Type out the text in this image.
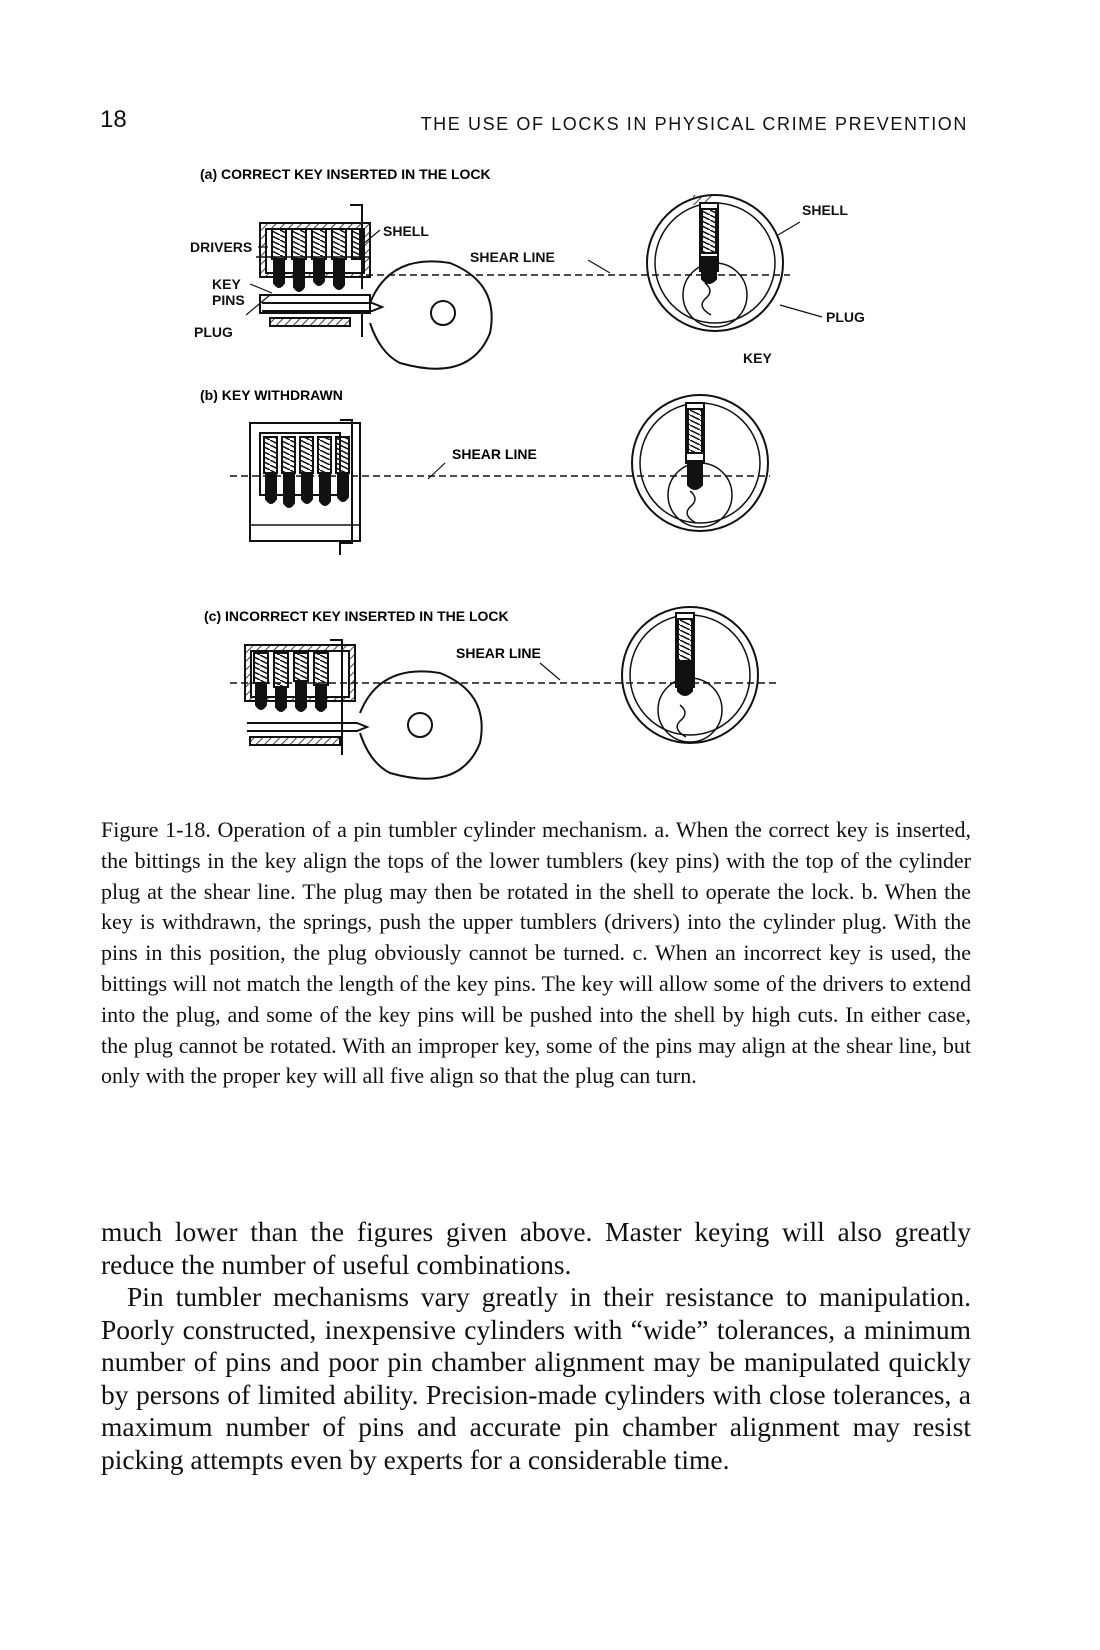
18	THE USE OF LOCKS IN PHYSICAL CRIME PREVENTION
(a) CORRECT KEY INSERTED IN THE LOCK
DRIVERS
KEY
PINS
PLUG
SHELL
SHEAR LINE
SHELL
PLUG
KEY
(b) KEY WITHDRAWN
SHEAR LINE
(c) INCORRECT KEY INSERTED IN THE LOCK
SHEAR LINE

Figure 1-18. Operation of a pin tumbler cylinder mechanism. a. When the correct key is inserted, the bittings in the key align the tops of the lower tumblers (key pins) with the top of the cylinder plug at the shear line. The plug may then be rotated in the shell to operate the lock. b. When the key is withdrawn, the springs, push the upper tumblers (drivers) into the cylinder plug. With the pins in this position, the plug obviously cannot be turned. c. When an incorrect key is used, the bittings will not match the length of the key pins. The key will allow some of the drivers to extend into the plug, and some of the key pins will be pushed into the shell by high cuts. In either case, the plug cannot be rotated. With an improper key, some of the pins may align at the shear line, but only with the proper key will all five align so that the plug can turn.

much lower than the figures given above. Master keying will also greatly reduce the number of useful combinations.

Pin tumbler mechanisms vary greatly in their resistance to manipulation. Poorly constructed, inexpensive cylinders with “wide” tolerances, a minimum number of pins and poor pin chamber alignment may be manipulated quickly by persons of limited ability. Precision-made cylinders with close tolerances, a maximum number of pins and accurate pin chamber alignment may resist picking attempts even by experts for a considerable time.
